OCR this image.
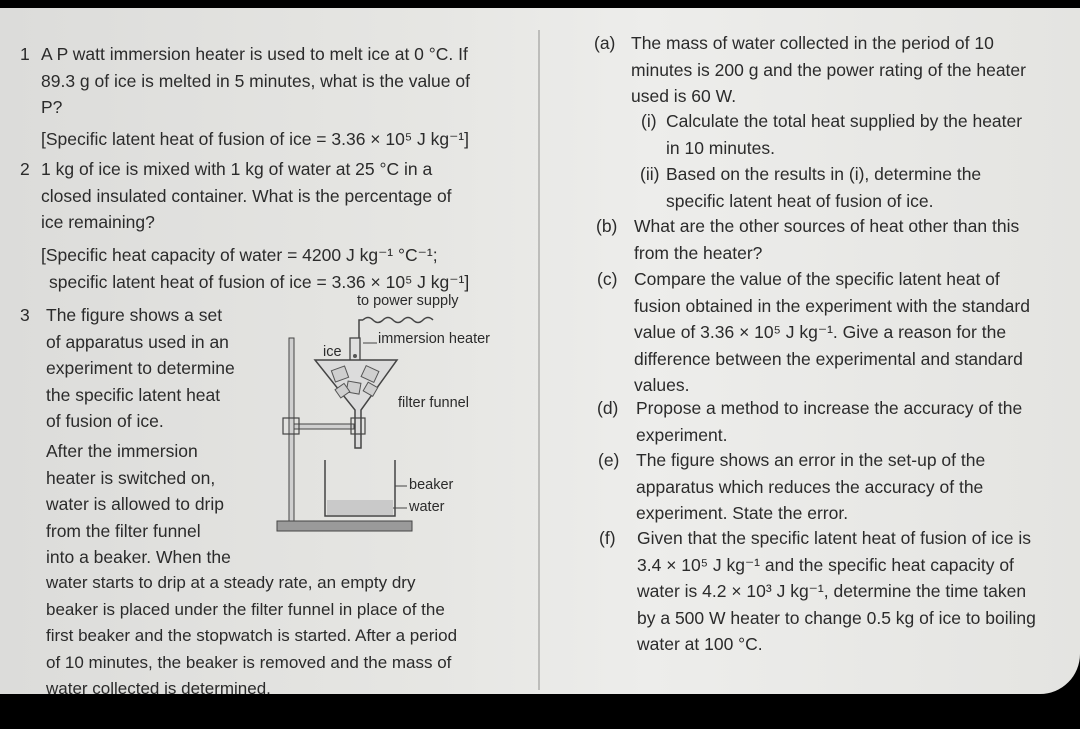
1 A P watt immersion heater is used to melt ice at 0 °C. If
89.3 g of ice is melted in 5 minutes, what is the value of
P?
[Specific latent heat of fusion of ice = 3.36 × 10⁵ J kg⁻¹]
2 1 kg of ice is mixed with 1 kg of water at 25 °C in a
closed insulated container. What is the percentage of
ice remaining?
[Specific heat capacity of water = 4200 J kg⁻¹ °C⁻¹;
specific latent heat of fusion of ice = 3.36 × 10⁵ J kg⁻¹]
3 The figure shows a set
of apparatus used in an
experiment to determine
the specific latent heat
of fusion of ice.
After the immersion
heater is switched on,
water is allowed to drip
from the filter funnel
into a beaker. When the
water starts to drip at a steady rate, an empty dry
beaker is placed under the filter funnel in place of the
first beaker and the stopwatch is started. After a period
of 10 minutes, the beaker is removed and the mass of
water collected is determined.
to power supply
immersion heater
ice
filter funnel
beaker
water
(a) The mass of water collected in the period of 10
minutes is 200 g and the power rating of the heater
used is 60 W.
(i) Calculate the total heat supplied by the heater
in 10 minutes.
(ii) Based on the results in (i), determine the
specific latent heat of fusion of ice.
(b) What are the other sources of heat other than this
from the heater?
(c) Compare the value of the specific latent heat of
fusion obtained in the experiment with the standard
value of 3.36 × 10⁵ J kg⁻¹. Give a reason for the
difference between the experimental and standard
values.
(d) Propose a method to increase the accuracy of the
experiment.
(e) The figure shows an error in the set-up of the
apparatus which reduces the accuracy of the
experiment. State the error.
(f) Given that the specific latent heat of fusion of ice is
3.4 × 10⁵ J kg⁻¹ and the specific heat capacity of
water is 4.2 × 10³ J kg⁻¹, determine the time taken
by a 500 W heater to change 0.5 kg of ice to boiling
water at 100 °C.
